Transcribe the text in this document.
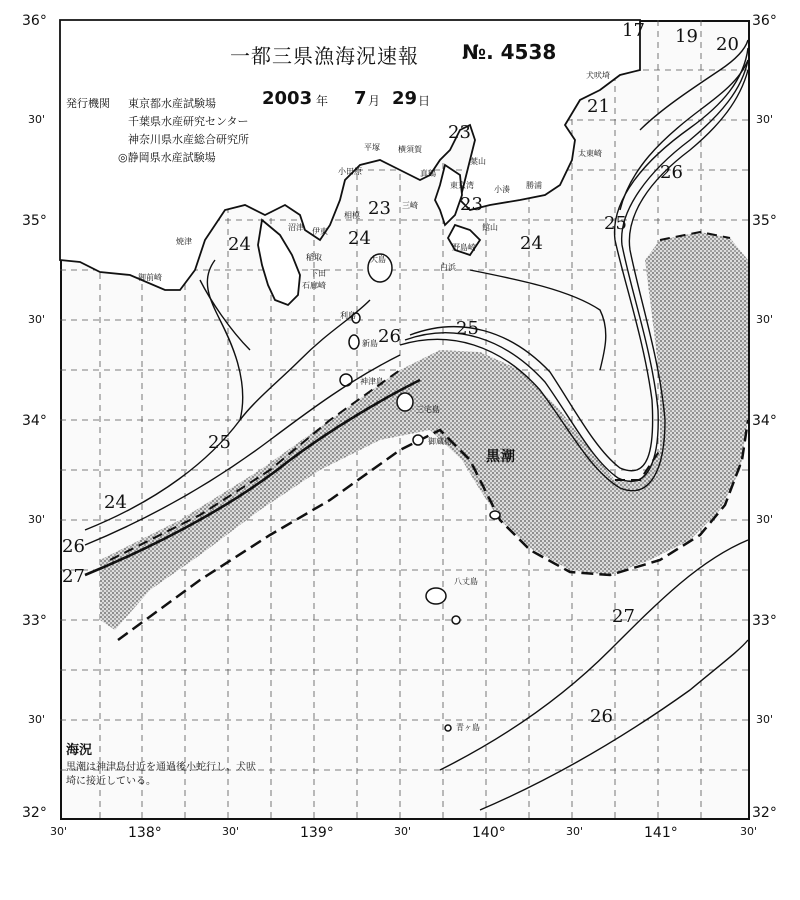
一都三県漁海況速報 №. 4538
発行機関 東京都水産試験場
千葉県水産研究センター
神奈川県水産総合研究所
◎静岡県水産試験場
2003 年 7 月 29 日
36°
30'
35°
30'
34°
30'
33°
30'
32°
36°
30'
35°
30'
34°
30'
33°
30'
32°
30'	138°	30'	139°	30'	140°	30'	141°	30'
17 19 20
21
23
23	23
24	24	24
24
25
25
25
26
26
26
26
27
27
黒潮
犬吠埼
太東崎
勝浦
小湊
横須賀
平塚
小田原
葉山
野島崎
館山
真鶴
伊東
稲取
下田
石廊崎
沼津
焼津
御前崎
大島
利島
新島
神津島
三宅島
御蔵島
八丈島
青ヶ島
三崎
白浜
相模
東京湾
海況
黒潮は神津島付近を通過後小蛇行し、犬吠埼に接近している。
